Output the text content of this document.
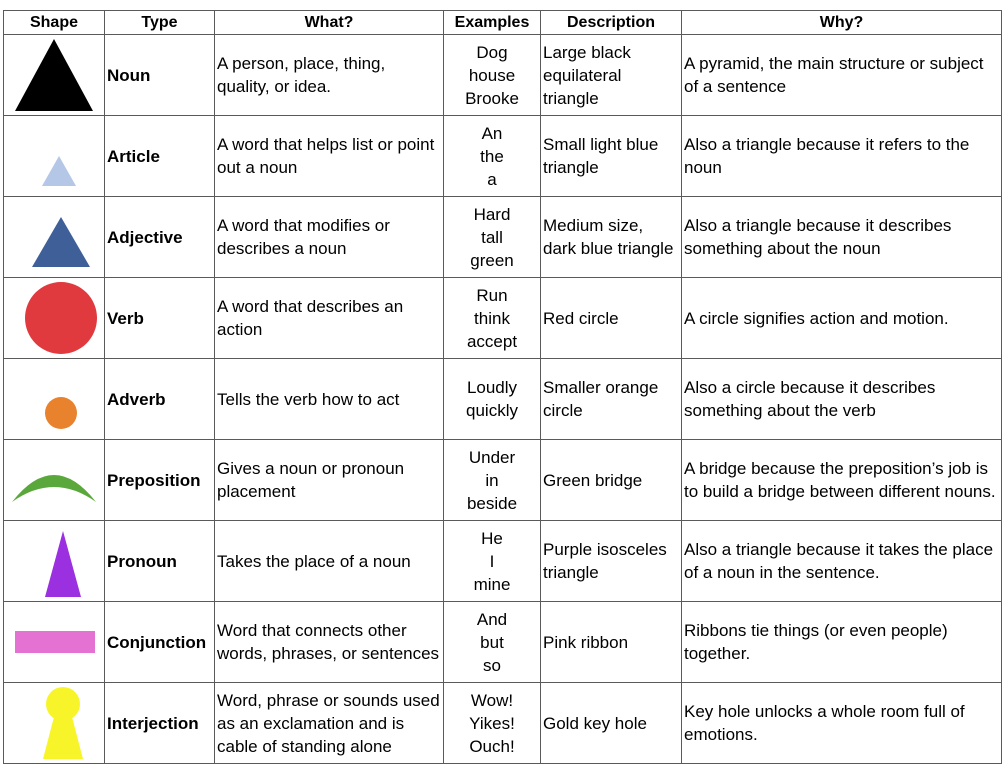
Shape	Type	What?	Examples	Description	Why?

	Noun	A person, place, thing, quality, or idea.	Dog
house
Brooke	Large black equilateral triangle	A pyramid, the main structure or subject of a sentence

	Article	A word that helps list or point out a noun	An
the
a	Small light blue triangle	Also a triangle because it refers to the noun

	Adjective	A word that modifies or describes a noun	Hard
tall
green	Medium size, dark blue triangle	Also a triangle because it describes something about the noun

	Verb	A word that describes an action	Run
think
accept	Red circle	A circle signifies action and motion.

	Adverb	Tells the verb how to act	Loudly
quickly	Smaller orange circle	Also a circle because it describes something about the verb

	Preposition	Gives a noun or pronoun placement	Under
in
beside	Green bridge	A bridge because the preposition’s job is to build a bridge between different nouns.

	Pronoun	Takes the place of a noun	He
I
mine	Purple isosceles triangle	Also a triangle because it takes the place of a noun in the sentence.

	Conjunction	Word that connects other words, phrases, or sentences	And
but
so	Pink ribbon	Ribbons tie things (or even people) together.

	Interjection	Word, phrase or sounds used as an exclamation and is cable of standing alone	Wow!
Yikes!
Ouch!	Gold key hole	Key hole unlocks a whole room full of emotions.
